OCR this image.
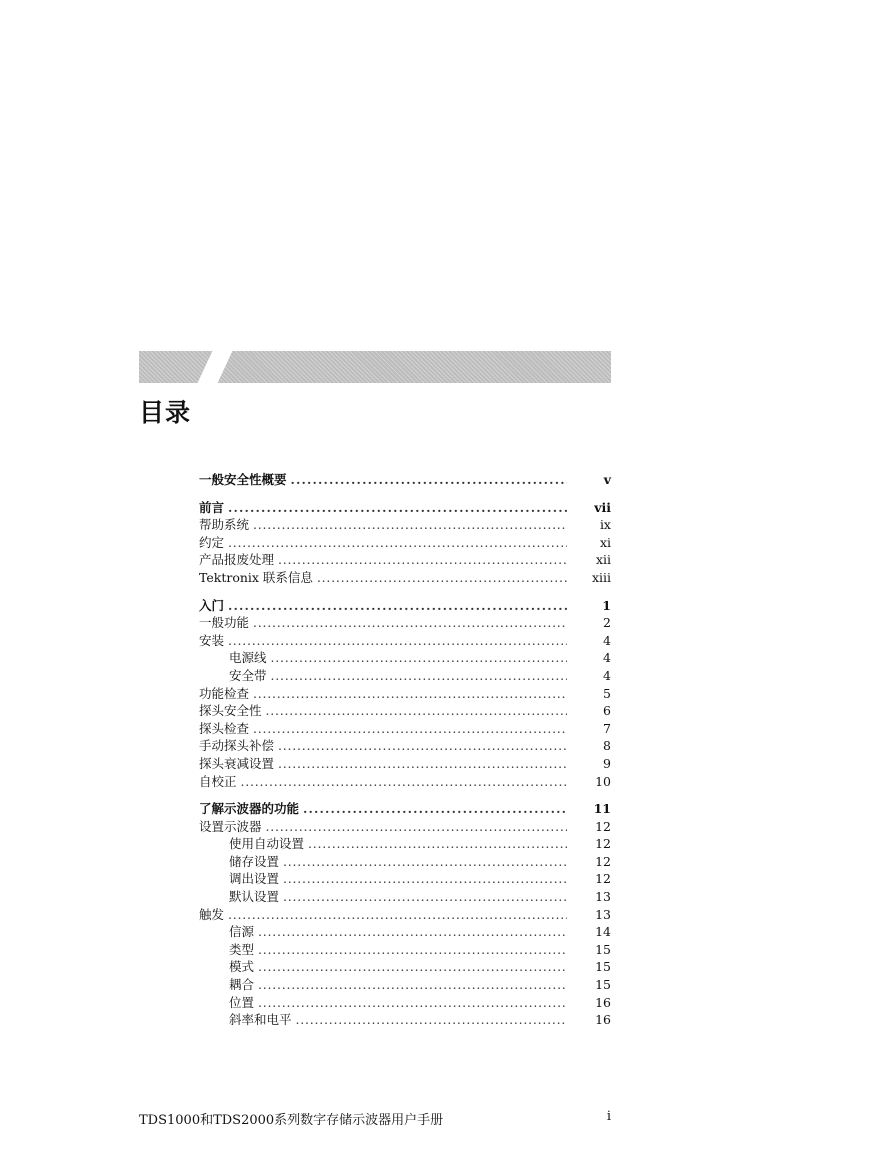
目录
一般安全性概要 . . .	v
前言 . . .	vii
帮助系统 . . .	ix
约定 . . .	xi
产品报废处理 . . .	xii
Tektronix 联系信息 . . .	xiii
入门 . . .	1
一般功能 . . .	2
安装 . . .	4
电源线 . . .	4
安全带 . . .	4
功能检查 . . .	5
探头安全性 . . .	6
探头检查 . . .	7
手动探头补偿 . . .	8
探头衰减设置 . . .	9
自校正 . . .	10
了解示波器的功能 . . .	11
设置示波器 . . .	12
使用自动设置 . . .	12
储存设置 . . .	12
调出设置 . . .	12
默认设置 . . .	13
触发 . . .	13
信源 . . .	14
类型 . . .	15
模式 . . .	15
耦合 . . .	15
位置 . . .	16
斜率和电平 . . .	16
TDS1000和TDS2000系列数字存储示波器用户手册	i
